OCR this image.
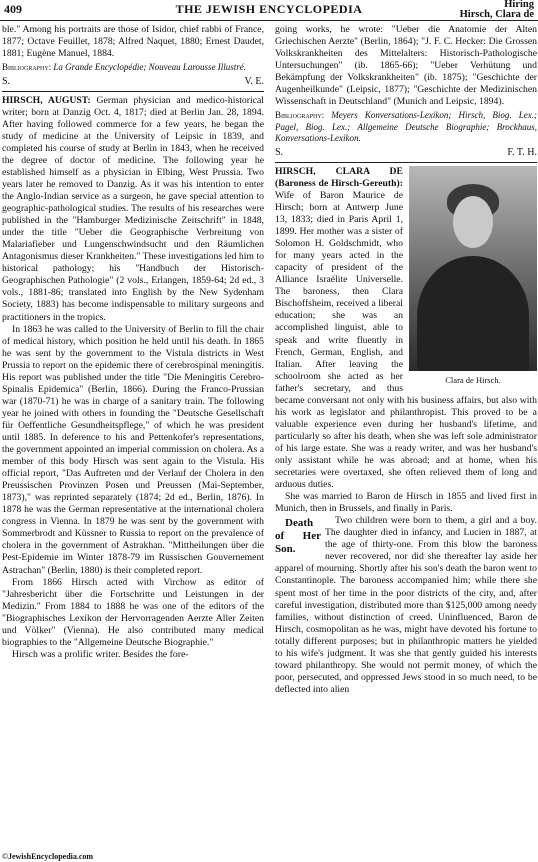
409	THE JEWISH ENCYCLOPEDIA	Hiring
Hirsch, Clara de

ble." Among his portraits are those of Isidor, chief rabbi of France, 1877; Octave Feuillet, 1878; Alfred Naquet, 1880; Ernest Daudet, 1881; Eugène Manuel, 1884.

Bibliography: La Grande Encyclopédie; Nouveau Larousse Illustré.
S.	V. E.

HIRSCH, AUGUST: German physician and medico-historical writer; born at Danzig Oct. 4, 1817; died at Berlin Jan. 28, 1894. After having followed commerce for a few years, he began the study of medicine at the University of Leipsic in 1839, and completed his course of study at Berlin in 1843, when he received the degree of doctor of medicine. The following year he established himself as a physician in Elbing, West Prussia. Two years later he removed to Danzig. As it was his intention to enter the Anglo-Indian service as a surgeon, he gave special attention to geographic-pathological studies. The results of his researches were published in the "Hamburger Medizinische Zeitschrift" in 1848, under the title "Ueber die Geographische Verbreitung von Malariafieber und Lungenschwindsucht und den Räumlichen Antagonismus dieser Krankheiten." These investigations led him to historical pathology; his "Handbuch der Historisch-Geographischen Pathologie" (2 vols., Erlangen, 1859-64; 2d ed., 3 vols., 1881-86; translated into English by the New Sydenham Society, 1883) has become indispensable to military surgeons and practitioners in the tropics.

In 1863 he was called to the University of Berlin to fill the chair of medical history, which position he held until his death. In 1865 he was sent by the government to the Vistula districts in West Prussia to report on the epidemic there of cerebrospinal meningitis. His report was published under the title "Die Meningitis Cerebro-Spinalis Epidemica" (Berlin, 1866). During the Franco-Prussian war (1870-71) he was in charge of a sanitary train. The following year he joined with others in founding the "Deutsche Gesellschaft für Oeffentliche Gesundheitspflege," of which he was president until 1885. In deference to his and Pettenkofer's representations, the government appointed an imperial commission on cholera. As a member of this body Hirsch was sent again to the Vistula. His official report, "Das Auftreten und der Verlauf der Cholera in den Preussischen Provinzen Posen und Preussen (Mai-September, 1873)," was reprinted separately (1874; 2d ed., Berlin, 1876). In 1878 he was the German representative at the international cholera congress in Vienna. In 1879 he was sent by the government with Sommerbrodt and Küssner to Russia to report on the prevalence of cholera in the government of Astrakhan. "Mittheilungen über die Pest-Epidemie im Winter 1878-79 im Russischen Gouvernement Astrachan" (Berlin, 1880) is their completed report.

From 1866 Hirsch acted with Virchow as editor of "Jahresbericht über die Fortschritte und Leistungen in der Medizin." From 1884 to 1888 he was one of the editors of the "Biographisches Lexikon der Hervorragenden Aerzte Aller Zeiten und Völker" (Vienna). He also contributed many medical biographies to the "Allgemeine Deutsche Biographie."

Hirsch was a prolific writer. Besides the fore-

going works, he wrote: "Ueber die Anatomie der Alten Griechischen Aerzte" (Berlin, 1864); "J. F. C. Hecker: Die Grossen Volkskrankheiten des Mittelalters: Historisch-Pathologische Untersuchungen" (ib. 1865-66); "Ueber Verhütung und Bekämpfung der Volkskrankheiten" (ib. 1875); "Geschichte der Augenheilkunde" (Leipsic, 1877); "Geschichte der Medizinischen Wissenschaft in Deutschland" (Munich and Leipsic, 1894).

Bibliography: Meyers Konversations-Lexikon; Hirsch, Biog. Lex.; Pagel, Biog. Lex.; Allgemeine Deutsche Biographie; Brockhaus, Konversations-Lexikon.
S.	F. T. H.
Clara de Hirsch.

HIRSCH, CLARA DE (Baroness de Hirsch-Gereuth): Wife of Baron Maurice de Hirsch; born at Antwerp June 13, 1833; died in Paris April 1, 1899. Her mother was a sister of Solomon H. Goldschmidt, who for many years acted in the capacity of president of the Alliance Israélite Universelle. The baroness, then Clara Bischoffsheim, received a liberal education; she was an accomplished linguist, able to speak and write fluently in French, German, English, and Italian. After leaving the schoolroom she acted as her father's secretary, and thus became conversant not only with his business affairs, but also with his work as legislator and philanthropist. This proved to be a valuable experience even during her husband's lifetime, and particularly so after his death, when she was left sole administrator of his large estate. She was a ready writer, and was her husband's only assistant while he was abroad; and at home, when his secretaries were overtaxed, she often relieved them of long and arduous duties.

She was married to Baron de Hirsch in 1855 and lived first in Munich, then in Brussels, and finally in Paris.

Death of Her Son.
Two children were born to them, a girl and a boy. The daughter died in infancy, and Lucien in 1887, at the age of thirty-one. From this blow the baroness never recovered, nor did she thereafter lay aside her apparel of mourning. Shortly after his son's death the baron went to Constantinople. The baroness accompanied him; while there she spent most of her time in the poor districts of the city, and, after careful investigation, distributed more than $125,000 among needy families, without distinction of creed. Uninfluenced, Baron de Hirsch, cosmopolitan as he was, might have devoted his fortune to totally different purposes; but in philanthropic matters he yielded to his wife's judgment. It was she that gently guided his interests toward philanthropy. She would not permit money, of which the poor, persecuted, and oppressed Jews stood in so much need, to be deflected into alien

©JewishEncyclopedia.com
